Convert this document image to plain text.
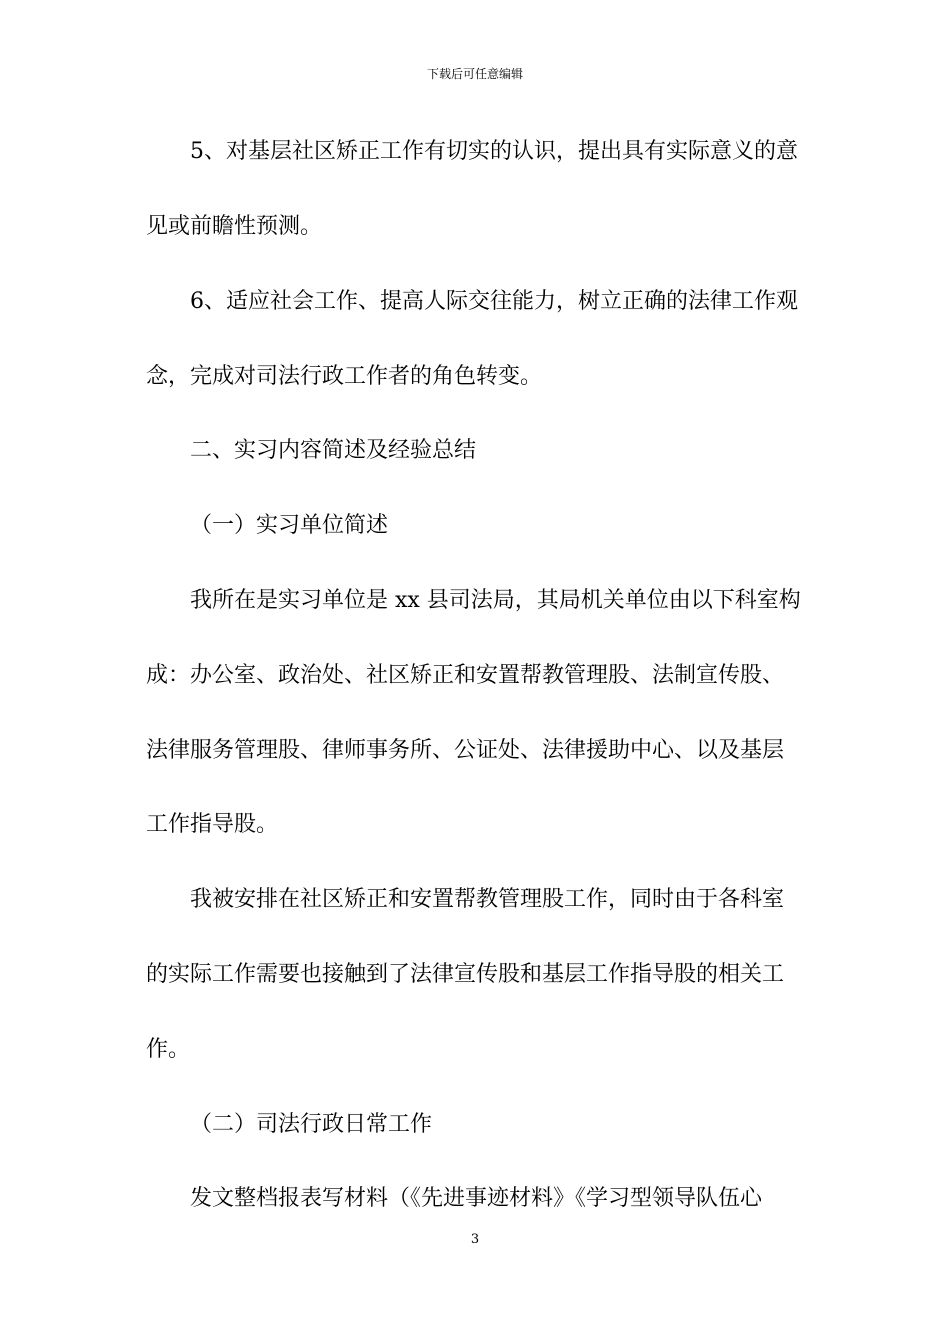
下载后可任意编辑
5、对基层社区矫正工作有切实的认识，提出具有实际意义的意
见或前瞻性预测。
6、适应社会工作、提高人际交往能力，树立正确的法律工作观
念，完成对司法行政工作者的角色转变。
二、实习内容简述及经验总结
（一）实习单位简述
我所在是实习单位是 xx 县司法局，其局机关单位由以下科室构
成：办公室、政治处、社区矫正和安置帮教管理股、法制宣传股、
法律服务管理股、律师事务所、公证处、法律援助中心、以及基层
工作指导股。
我被安排在社区矫正和安置帮教管理股工作，同时由于各科室
的实际工作需要也接触到了法律宣传股和基层工作指导股的相关工
作。
（二）司法行政日常工作
发文整档报表写材料（《先进事迹材料》《学习型领导队伍心
3
